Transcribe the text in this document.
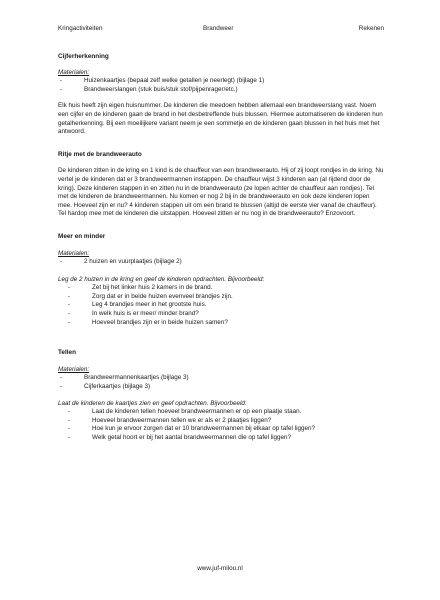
Kringactiviteiten	Brandweer	Rekenen
Cijferherkenning
Materialen:
- Huizenkaartjes (bepaal zelf welke getallen je neerlegt) (bijlage 1)
- Brandweerslangen (stuk buis/stuk stof/pijpenrager/etc.)

Elk huis heeft zijn eigen huisnummer. De kinderen die meedoen hebben allemaal een brandweerslang vast. Noem een cijfer en de kinderen gaan de brand in het desbetreffende huis blussen. Hiermee automatiseren de kinderen hun getalherkenning. Bij een moeilijkere variant neem je een sommetje en de kinderen gaan blussen in het huis met het antwoord.

Ritje met de brandweerauto

De kinderen zitten in de kring en 1 kind is de chauffeur van een brandweerauto. Hij of zij loopt rondjes in de kring. Nu vertel je de kinderen dat er 3 brandweermannen instappen. De chauffeur wijst 3 kinderen aan (al rijdend door de kring). Deze kinderen stappen in en zitten nu in de brandweerauto (ze lopen achter de chauffeur aan rondjes). Tel met de kinderen de brandweermannen. Nu komen er nog 2 bij in de brandweerauto en ook deze kinderen lopen mee. Hoeveel zijn er nu? 4 kinderen stappen uit om een brand te blussen (altijd de eerste vier vanaf de chauffeur). Tel hardop mee met de kinderen die uitstappen. Hoeveel zitten er nu nog in de brandweerauto? Enzovoort.

Meer en minder
Materialen:
- 2 huizen en vuurplaatjes (bijlage 2)

Leg de 2 huizen in de kring en geef de kinderen opdrachten. Bijvoorbeeld:

- Zet bij het linker huis 2 kamers in de brand.
- Zorg dat er in beide huizen evenveel brandjes zijn.
- Leg 4 brandjes meer in het grootste huis.
- In welk huis is er meer/ minder brand?
- Hoeveel brandjes zijn er in beide huizen samen?
Tellen
Materialen:
- Brandweermannenkaartjes (bijlage 3)
- Cijferkaartjes (bijlage 3)

Laat de kinderen de kaartjes zien en geef opdrachten. Bijvoorbeeld:

- Laat de kinderen tellen hoeveel brandweermannen er op een plaatje staan.
- Hoeveel brandweermannen tellen we er als er 2 plaatjes liggen?
- Hoe kun je ervoor zorgen dat er 10 brandweermannen bij elkaar op tafel liggen?
- Welk getal hoort er bij het aantal brandweermannen die op tafel liggen?
www.juf-milou.nl
